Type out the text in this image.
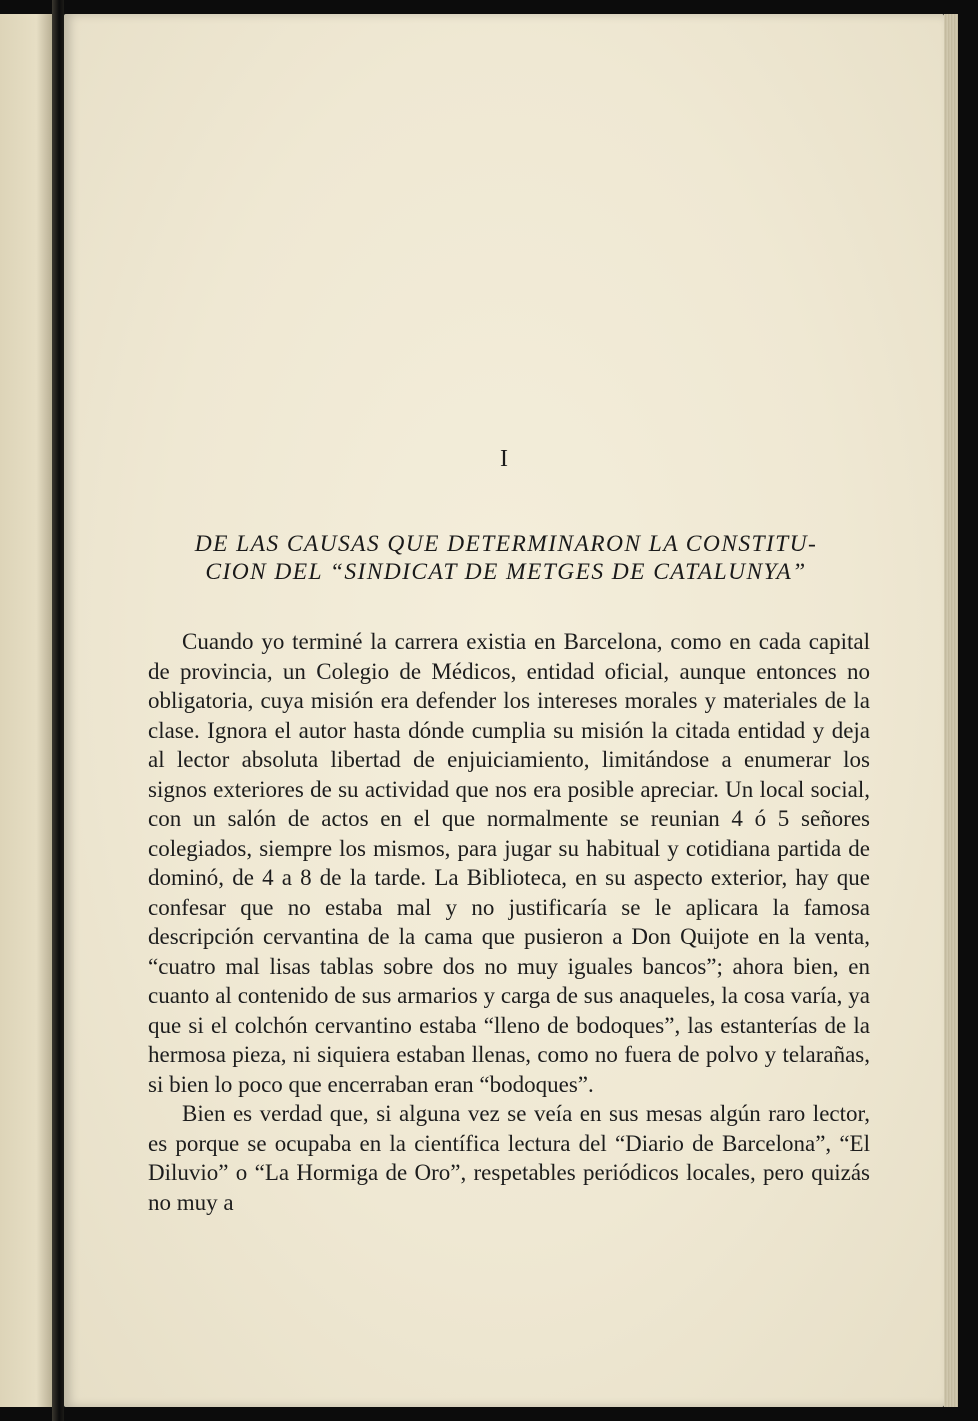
I
DE LAS CAUSAS QUE DETERMINARON LA CONSTITU-
CION DEL “SINDICAT DE METGES DE CATALUNYA”

Cuando yo terminé la carrera existia en Barcelona, como en cada capital de provincia, un Colegio de Médicos, entidad oficial, aunque entonces no obligatoria, cuya misión era defender los intereses morales y materiales de la clase. Ignora el autor hasta dónde cumplia su misión la citada entidad y deja al lector absoluta libertad de enjuiciamiento, limitándose a enumerar los signos exteriores de su actividad que nos era posible apreciar. Un local social, con un salón de actos en el que normalmente se reunian 4 ó 5 señores colegiados, siempre los mismos, para jugar su habitual y cotidiana partida de dominó, de 4 a 8 de la tarde. La Biblioteca, en su aspecto exterior, hay que confesar que no estaba mal y no justificaría se le aplicara la famosa descripción cervantina de la cama que pusieron a Don Quijote en la venta, “cuatro mal lisas tablas sobre dos no muy iguales bancos”; ahora bien, en cuanto al contenido de sus armarios y carga de sus anaqueles, la cosa varía, ya que si el colchón cervantino estaba “lleno de bodoques”, las estanterías de la hermosa pieza, ni siquiera estaban llenas, como no fuera de polvo y telarañas, si bien lo poco que encerraban eran “bodoques”.

Bien es verdad que, si alguna vez se veía en sus mesas algún raro lector, es porque se ocupaba en la científica lectura del “Diario de Barcelona”, “El Diluvio” o “La Hormiga de Oro”, respetables periódicos locales, pero quizás no muy a
